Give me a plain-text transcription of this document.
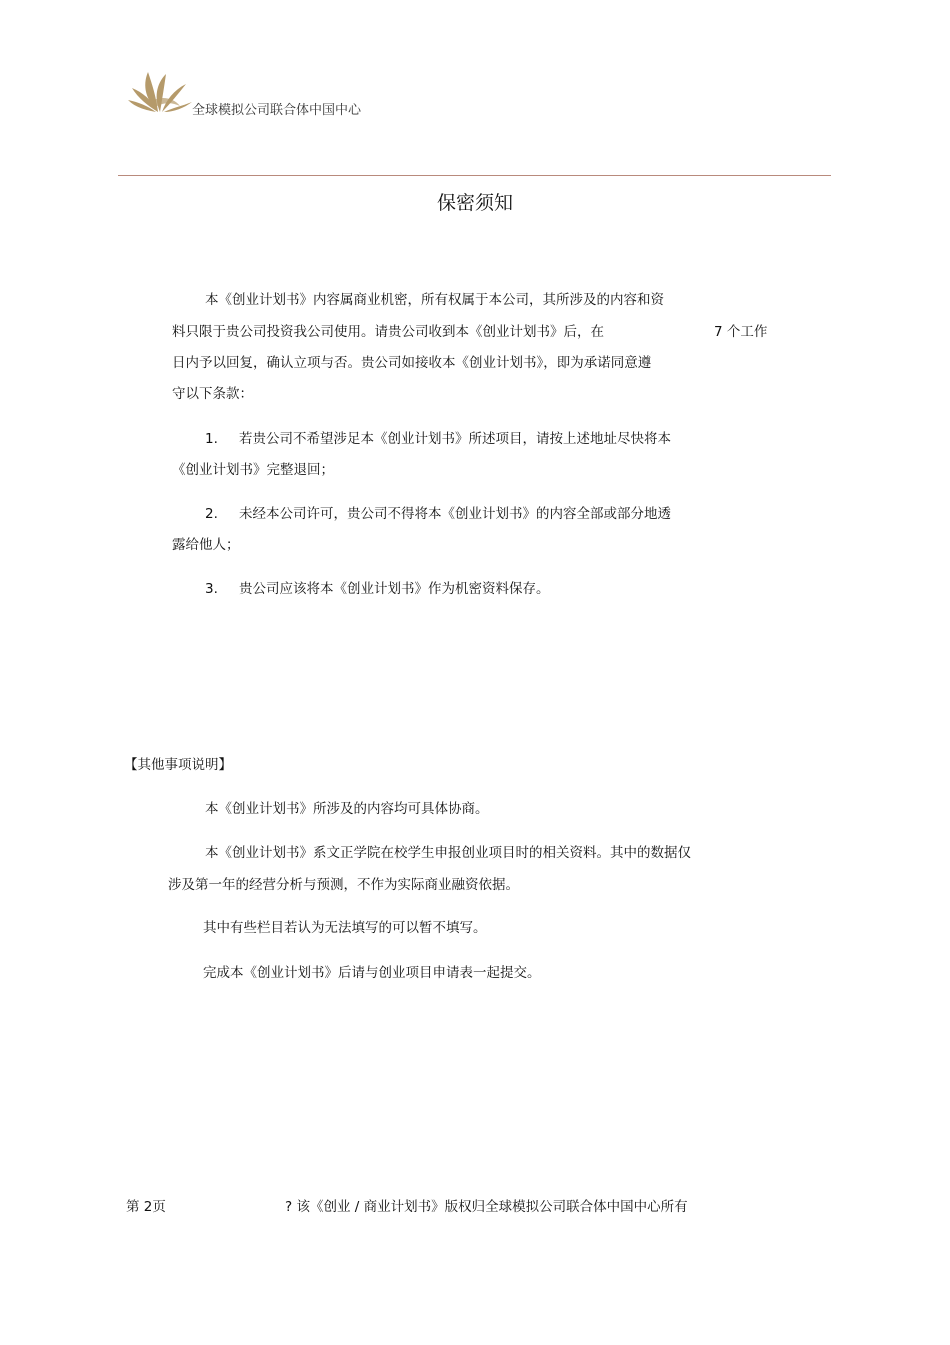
全球模拟公司联合体中国中心
保密须知
本《创业计划书》内容属商业机密，所有权属于本公司，其所涉及的内容和资
料只限于贵公司投资我公司使用。请贵公司收到本《创业计划书》后，在	7 个工作
日内予以回复，确认立项与否。贵公司如接收本《创业计划书》，即为承诺同意遵
守以下条款：
1. 若贵公司不希望涉足本《创业计划书》所述项目，请按上述地址尽快将本
《创业计划书》完整退回；
2. 未经本公司许可，贵公司不得将本《创业计划书》的内容全部或部分地透
露给他人；
3. 贵公司应该将本《创业计划书》作为机密资料保存。
【其他事项说明】
本《创业计划书》所涉及的内容均可具体协商。
本《创业计划书》系文正学院在校学生申报创业项目时的相关资料。其中的数据仅
涉及第一年的经营分析与预测，不作为实际商业融资依据。
其中有些栏目若认为无法填写的可以暂不填写。
完成本《创业计划书》后请与创业项目申请表一起提交。
第 2页	? 该《创业 / 商业计划书》版权归全球模拟公司联合体中国中心所有
